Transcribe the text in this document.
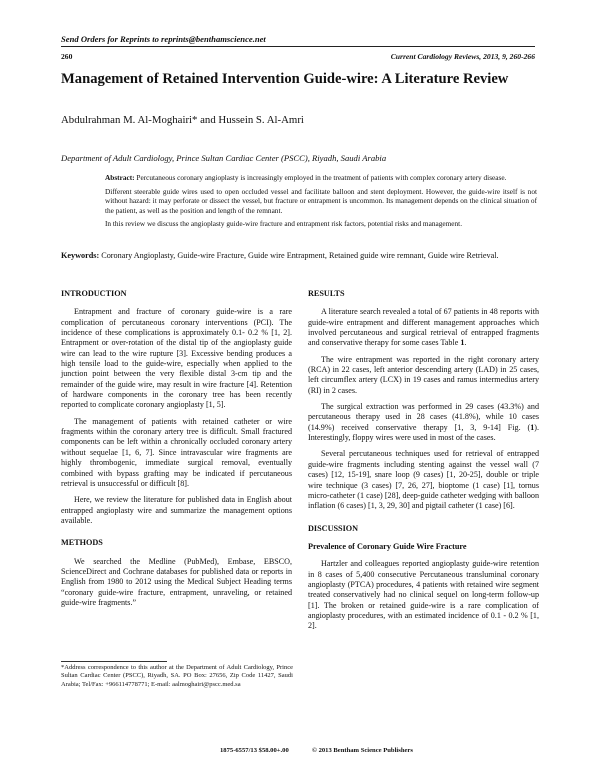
Send Orders for Reprints to reprints@benthamscience.net
260	Current Cardiology Reviews, 2013, 9, 260-266
Management of Retained Intervention Guide-wire: A Literature Review
Abdulrahman M. Al-Moghairi* and Hussein S. Al-Amri
Department of Adult Cardiology, Prince Sultan Cardiac Center (PSCC), Riyadh, Saudi Arabia

Abstract: Percutaneous coronary angioplasty is increasingly employed in the treatment of patients with complex coronary artery disease.

Different steerable guide wires used to open occluded vessel and facilitate balloon and stent deployment. However, the guide-wire itself is not without hazard: it may perforate or dissect the vessel, but fracture or entrapment is uncommon. Its management depends on the clinical situation of the patient, as well as the position and length of the remnant.

In this review we discuss the angioplasty guide-wire fracture and entrapment risk factors, potential risks and management.

Keywords: Coronary Angioplasty, Guide-wire Fracture, Guide wire Entrapment, Retained guide wire remnant, Guide wire Retrieval.
INTRODUCTION

Entrapment and fracture of coronary guide-wire is a rare complication of percutaneous coronary interventions (PCI). The incidence of these complications is approximately 0.1- 0.2 % [1, 2]. Entrapment or over-rotation of the distal tip of the angioplasty guide wire can lead to the wire rupture [3]. Excessive bending produces a high tensile load to the guide-wire, especially when applied to the junction point between the very flexible distal 3-cm tip and the remainder of the guide wire, may result in wire fracture [4]. Retention of hardware components in the coronary tree has been recently reported to complicate coronary angioplasty [1, 5].

The management of patients with retained catheter or wire fragments within the coronary artery tree is difficult. Small fractured components can be left within a chronically occluded coronary artery without sequelae [1, 6, 7]. Since intravascular wire fragments are highly thrombogenic, immediate surgical removal, eventually combined with bypass grafting may be indicated if percutaneous retrieval is unsuccessful or difficult [8].

Here, we review the literature for published data in English about entrapped angioplasty wire and summarize the management options available.

METHODS

We searched the Medline (PubMed), Embase, EBSCO, ScienceDirect and Cochrane databases for published data or reports in English from 1980 to 2012 using the Medical Subject Heading terms “coronary guide-wire fracture, entrapment, unraveling, or retained guide-wire fragments.”

RESULTS

A literature search revealed a total of 67 patients in 48 reports with guide-wire entrapment and different management approaches which involved percutaneous and surgical retrieval of entrapped fragments and conservative therapy for some cases Table 1.

The wire entrapment was reported in the right coronary artery (RCA) in 22 cases, left anterior descending artery (LAD) in 25 cases, left circumflex artery (LCX) in 19 cases and ramus intermedius artery (RI) in 2 cases.

The surgical extraction was performed in 29 cases (43.3%) and percutaneous therapy used in 28 cases (41.8%), while 10 cases (14.9%) received conservative therapy [1, 3, 9-14] Fig. (1). Interestingly, floppy wires were used in most of the cases.

Several percutaneous techniques used for retrieval of entrapped guide-wire fragments including stenting against the vessel wall (7 cases) [12, 15-19], snare loop (9 cases) [1, 20-25], double or triple wire technique (3 cases) [7, 26, 27], bioptome (1 case) [1], tornus micro-catheter (1 case) [28], deep-guide catheter wedging with balloon inflation (6 cases) [1, 3, 29, 30] and pigtail catheter (1 case) [6].

DISCUSSION
Prevalence of Coronary Guide Wire Fracture

Hartzler and colleagues reported angioplasty guide-wire retention in 8 cases of 5,400 consecutive Percutaneous transluminal coronary angioplasty (PTCA) procedures, 4 patients with retained wire segment treated conservatively had no clinical sequel on long-term follow-up [1]. The broken or retained guide-wire is a rare complication of angioplasty procedures, with an estimated incidence of 0.1 - 0.2 % [1, 2].

*Address correspondence to this author at the Department of Adult Cardiology, Prince Sultan Cardiac Center (PSCC), Riyadh, SA. PO Box: 27656, Zip Code 11427, Saudi Arabia; Tel/Fax: +966114778771; E-mail: aalmoghairi@pscc.med.sa
1875-6557/13 $58.00+.00	© 2013 Bentham Science Publishers
